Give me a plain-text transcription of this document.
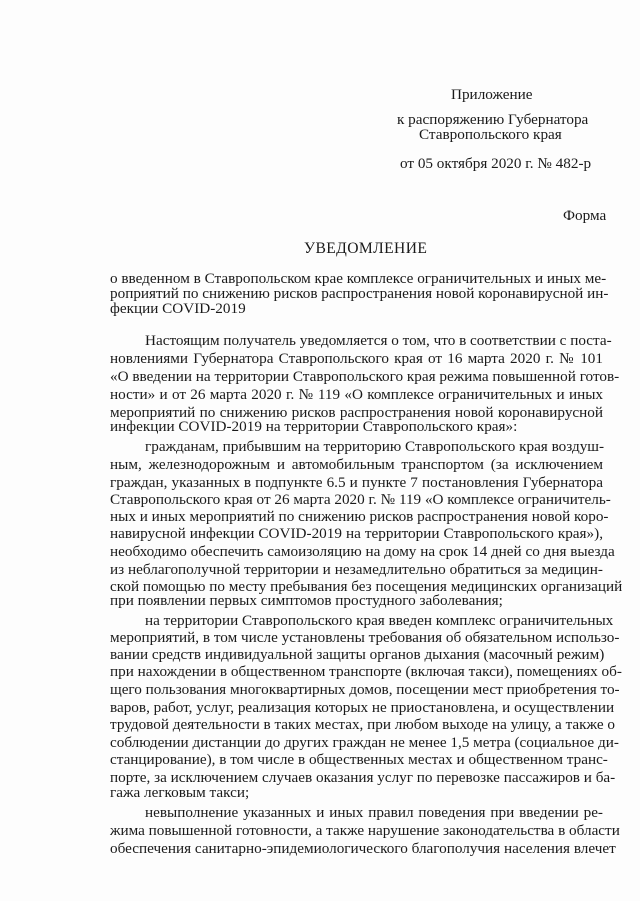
Приложение
к распоряжению Губернатора
Ставропольского края
от 05 октября 2020 г. № 482-р
Форма
УВЕДОМЛЕНИЕ
о введенном в Ставропольском крае комплексе ограничительных и иных ме-
роприятий по снижению рисков распространения новой коронавирусной ин-
фекции COVID-2019
Настоящим получатель уведомляется о том, что в соответствии с поста-
новлениями Губернатора Ставропольского края от 16 марта 2020 г. № 101
«О введении на территории Ставропольского края режима повышенной готов-
ности» и от 26 марта 2020 г. № 119 «О комплексе ограничительных и иных
мероприятий по снижению рисков распространения новой коронавирусной
инфекции COVID-2019 на территории Ставропольского края»:
гражданам, прибывшим на территорию Ставропольского края воздуш-
ным, железнодорожным и автомобильным транспортом (за исключением
граждан, указанных в подпункте 6.5 и пункте 7 постановления Губернатора
Ставропольского края от 26 марта 2020 г. № 119 «О комплексе ограничитель-
ных и иных мероприятий по снижению рисков распространения новой коро-
навирусной инфекции COVID-2019 на территории Ставропольского края»),
необходимо обеспечить самоизоляцию на дому на срок 14 дней со дня выезда
из неблагополучной территории и незамедлительно обратиться за медицин-
ской помощью по месту пребывания без посещения медицинских организаций
при появлении первых симптомов простудного заболевания;
на территории Ставропольского края введен комплекс ограничительных
мероприятий, в том числе установлены требования об обязательном использо-
вании средств индивидуальной защиты органов дыхания (масочный режим)
при нахождении в общественном транспорте (включая такси), помещениях об-
щего пользования многоквартирных домов, посещении мест приобретения то-
варов, работ, услуг, реализация которых не приостановлена, и осуществлении
трудовой деятельности в таких местах, при любом выходе на улицу, а также о
соблюдении дистанции до других граждан не менее 1,5 метра (социальное ди-
станцирование), в том числе в общественных местах и общественном транс-
порте, за исключением случаев оказания услуг по перевозке пассажиров и ба-
гажа легковым такси;
невыполнение указанных и иных правил поведения при введении ре-
жима повышенной готовности, а также нарушение законодательства в области
обеспечения санитарно-эпидемиологического благополучия населения влечет
